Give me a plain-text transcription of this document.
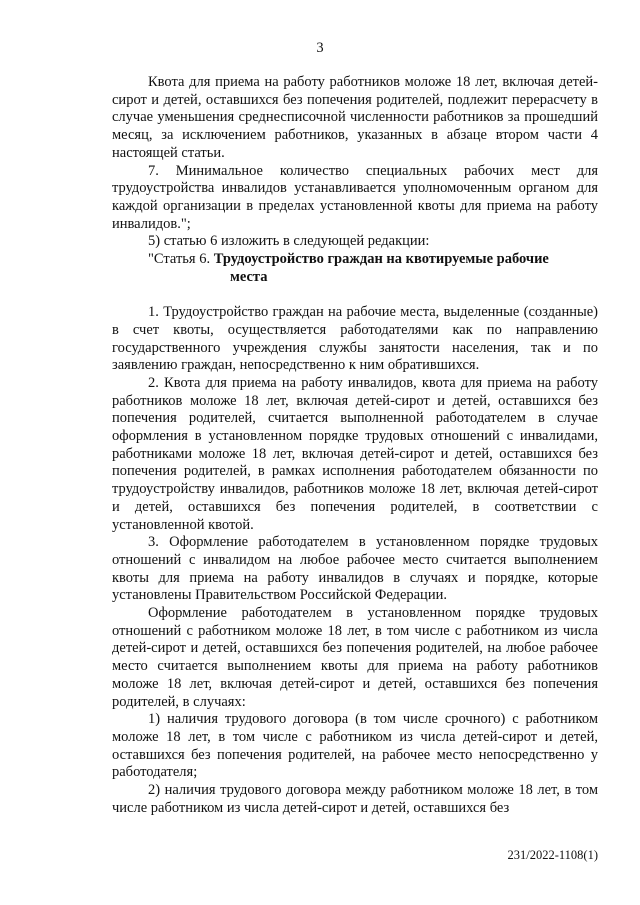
3

Квота для приема на работу работников моложе 18 лет, включая детей-сирот и детей, оставшихся без попечения родителей, подлежит перерасчету в случае уменьшения среднесписочной численности работников за прошедший месяц, за исключением работников, указанных в абзаце втором части 4 настоящей статьи.

7. Минимальное количество специальных рабочих мест для трудоустройства инвалидов устанавливается уполномоченным органом для каждой организации в пределах установленной квоты для приема на работу инвалидов.";

5) статью 6 изложить в следующей редакции:

"Статья 6. Трудоустройство граждан на квотируемые рабочие
места

1. Трудоустройство граждан на рабочие места, выделенные (созданные) в счет квоты, осуществляется работодателями как по направлению государственного учреждения службы занятости населения, так и по заявлению граждан, непосредственно к ним обратившихся.

2. Квота для приема на работу инвалидов, квота для приема на работу работников моложе 18 лет, включая детей-сирот и детей, оставшихся без попечения родителей, считается выполненной работодателем в случае оформления в установленном порядке трудовых отношений с инвалидами, работниками моложе 18 лет, включая детей-сирот и детей, оставшихся без попечения родителей, в рамках исполнения работодателем обязанности по трудоустройству инвалидов, работников моложе 18 лет, включая детей-сирот и детей, оставшихся без попечения родителей, в соответствии с установленной квотой.

3. Оформление работодателем в установленном порядке трудовых отношений с инвалидом на любое рабочее место считается выполнением квоты для приема на работу инвалидов в случаях и порядке, которые установлены Правительством Российской Федерации.

Оформление работодателем в установленном порядке трудовых отношений с работником моложе 18 лет, в том числе с работником из числа детей-сирот и детей, оставшихся без попечения родителей, на любое рабочее место считается выполнением квоты для приема на работу работников моложе 18 лет, включая детей-сирот и детей, оставшихся без попечения родителей, в случаях:

1) наличия трудового договора (в том числе срочного) с работником моложе 18 лет, в том числе с работником из числа детей-сирот и детей, оставшихся без попечения родителей, на рабочее место непосредственно у работодателя;

2) наличия трудового договора между работником моложе 18 лет, в том числе работником из числа детей-сирот и детей, оставшихся без

231/2022-1108(1)
